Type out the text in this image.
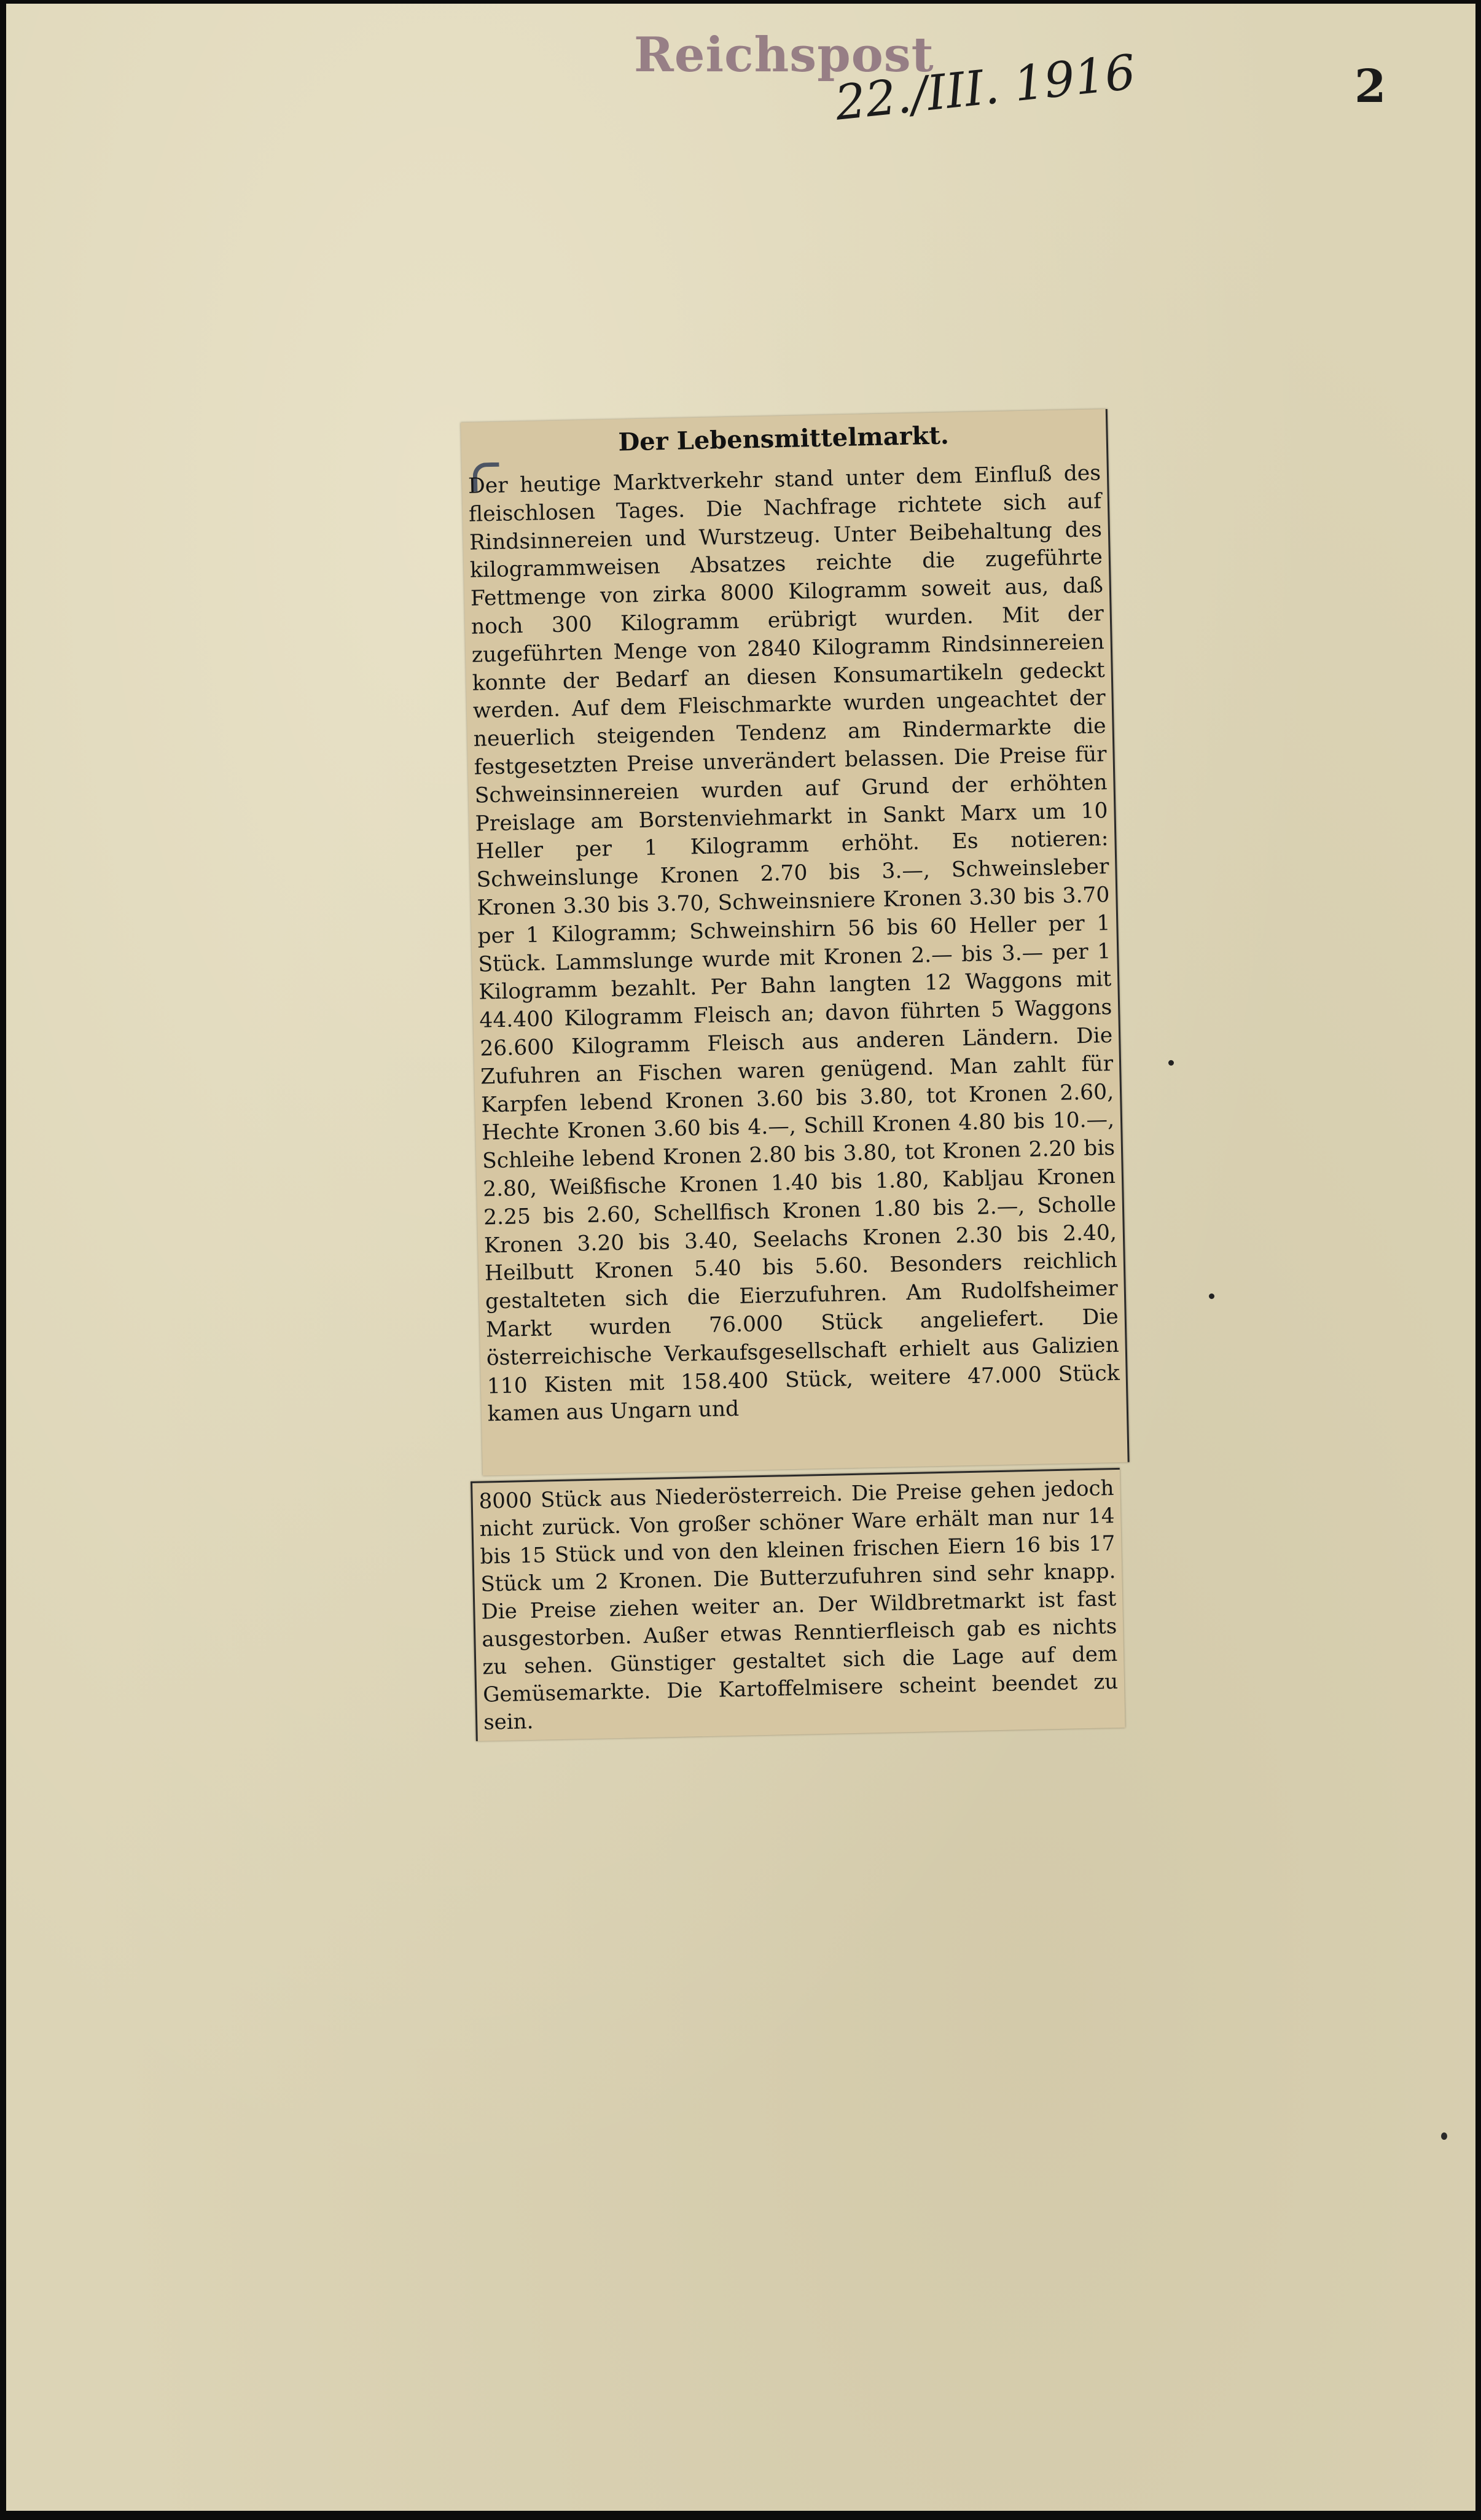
Reichspost
22./III. 1916	2
Der Lebensmittelmarkt.
Der heutige Marktverkehr stand unter dem Einfluß des fleischlosen Tages. Die Nachfrage richtete sich auf Rindsinnereien und Wurstzeug. Unter Beibehaltung des kilogrammweisen Absatzes reichte die zugeführte Fettmenge von zirka 8000 Kilogramm soweit aus, daß noch 300 Kilogramm erübrigt wurden. Mit der zugeführten Menge von 2840 Kilogramm Rindsinnereien konnte der Bedarf an diesen Konsumartikeln gedeckt werden. Auf dem Fleischmarkte wurden ungeachtet der neuerlich steigenden Tendenz am Rindermarkte die festgesetzten Preise unverändert belassen. Die Preise für Schweinsinnereien wurden auf Grund der erhöhten Preislage am Borstenviehmarkt in Sankt Marx um 10 Heller per 1 Kilogramm erhöht. Es notieren: Schweinslunge Kronen 2.70 bis 3.—, Schweinsleber Kronen 3.30 bis 3.70, Schweinsniere Kronen 3.30 bis 3.70 per 1 Kilogramm; Schweinshirn 56 bis 60 Heller per 1 Stück. Lammslunge wurde mit Kronen 2.— bis 3.— per 1 Kilogramm bezahlt. Per Bahn langten 12 Waggons mit 44.400 Kilogramm Fleisch an; davon führten 5 Waggons 26.600 Kilogramm Fleisch aus anderen Ländern. Die Zufuhren an Fischen waren genügend. Man zahlt für Karpfen lebend Kronen 3.60 bis 3.80, tot Kronen 2.60, Hechte Kronen 3.60 bis 4.—, Schill Kronen 4.80 bis 10.—, Schleihe lebend Kronen 2.80 bis 3.80, tot Kronen 2.20 bis 2.80, Weißfische Kronen 1.40 bis 1.80, Kabljau Kronen 2.25 bis 2.60, Schellfisch Kronen 1.80 bis 2.—, Scholle Kronen 3.20 bis 3.40, Seelachs Kronen 2.30 bis 2.40, Heilbutt Kronen 5.40 bis 5.60. Besonders reichlich gestalteten sich die Eierzufuhren. Am Rudolfsheimer Markt wurden 76.000 Stück angeliefert. Die österreichische Verkaufsgesellschaft erhielt aus Galizien 110 Kisten mit 158.400 Stück, weitere 47.000 Stück kamen aus Ungarn und
8000 Stück aus Niederösterreich. Die Preise gehen jedoch nicht zurück. Von großer schöner Ware erhält man nur 14 bis 15 Stück und von den kleinen frischen Eiern 16 bis 17 Stück um 2 Kronen. Die Butterzufuhren sind sehr knapp. Die Preise ziehen weiter an. Der Wildbretmarkt ist fast ausgestorben. Außer etwas Renntierfleisch gab es nichts zu sehen. Günstiger gestaltet sich die Lage auf dem Gemüsemarkte. Die Kartoffelmisere scheint beendet zu sein.
